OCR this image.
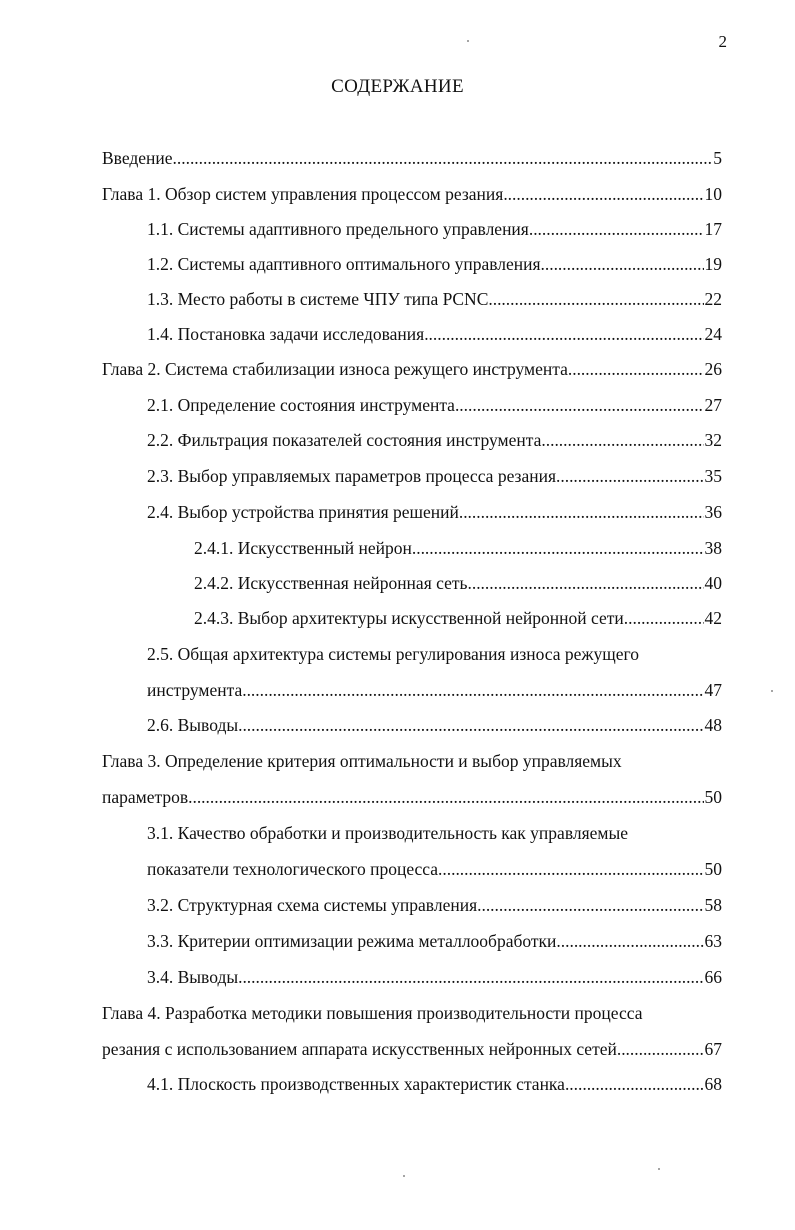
2
СОДЕРЖАНИЕ
Введение . . .	5
Глава 1. Обзор систем управления процессом резания . . .	10
1.1. Системы адаптивного предельного управления . . .	17
1.2. Системы адаптивного оптимального управления . . .	19
1.3. Место работы в системе ЧПУ типа PCNC . . .	22
1.4. Постановка задачи исследования . . .	24
Глава 2. Система стабилизации износа режущего инструмента . . .	26
2.1. Определение состояния инструмента . . .	27
2.2. Фильтрация показателей состояния инструмента . . .	32
2.3. Выбор управляемых параметров процесса резания . . .	35
2.4. Выбор устройства принятия решений . . .	36
2.4.1. Искусственный нейрон . . .	38
2.4.2. Искусственная нейронная сеть . . .	40
2.4.3. Выбор архитектуры искусственной нейронной сети . . .	42
2.5. Общая архитектура системы регулирования износа режущего
инструмента . . .	47
2.6. Выводы . . .	48
Глава 3. Определение критерия оптимальности и выбор управляемых
параметров . . .	50
3.1. Качество обработки и производительность как управляемые
показатели технологического процесса . . .	50
3.2. Структурная схема системы управления . . .	58
3.3. Критерии оптимизации режима металлообработки . . .	63
3.4. Выводы . . .	66
Глава 4. Разработка методики повышения производительности процесса
резания с использованием аппарата искусственных нейронных сетей . . .	67
4.1. Плоскость производственных характеристик станка . . .	68
